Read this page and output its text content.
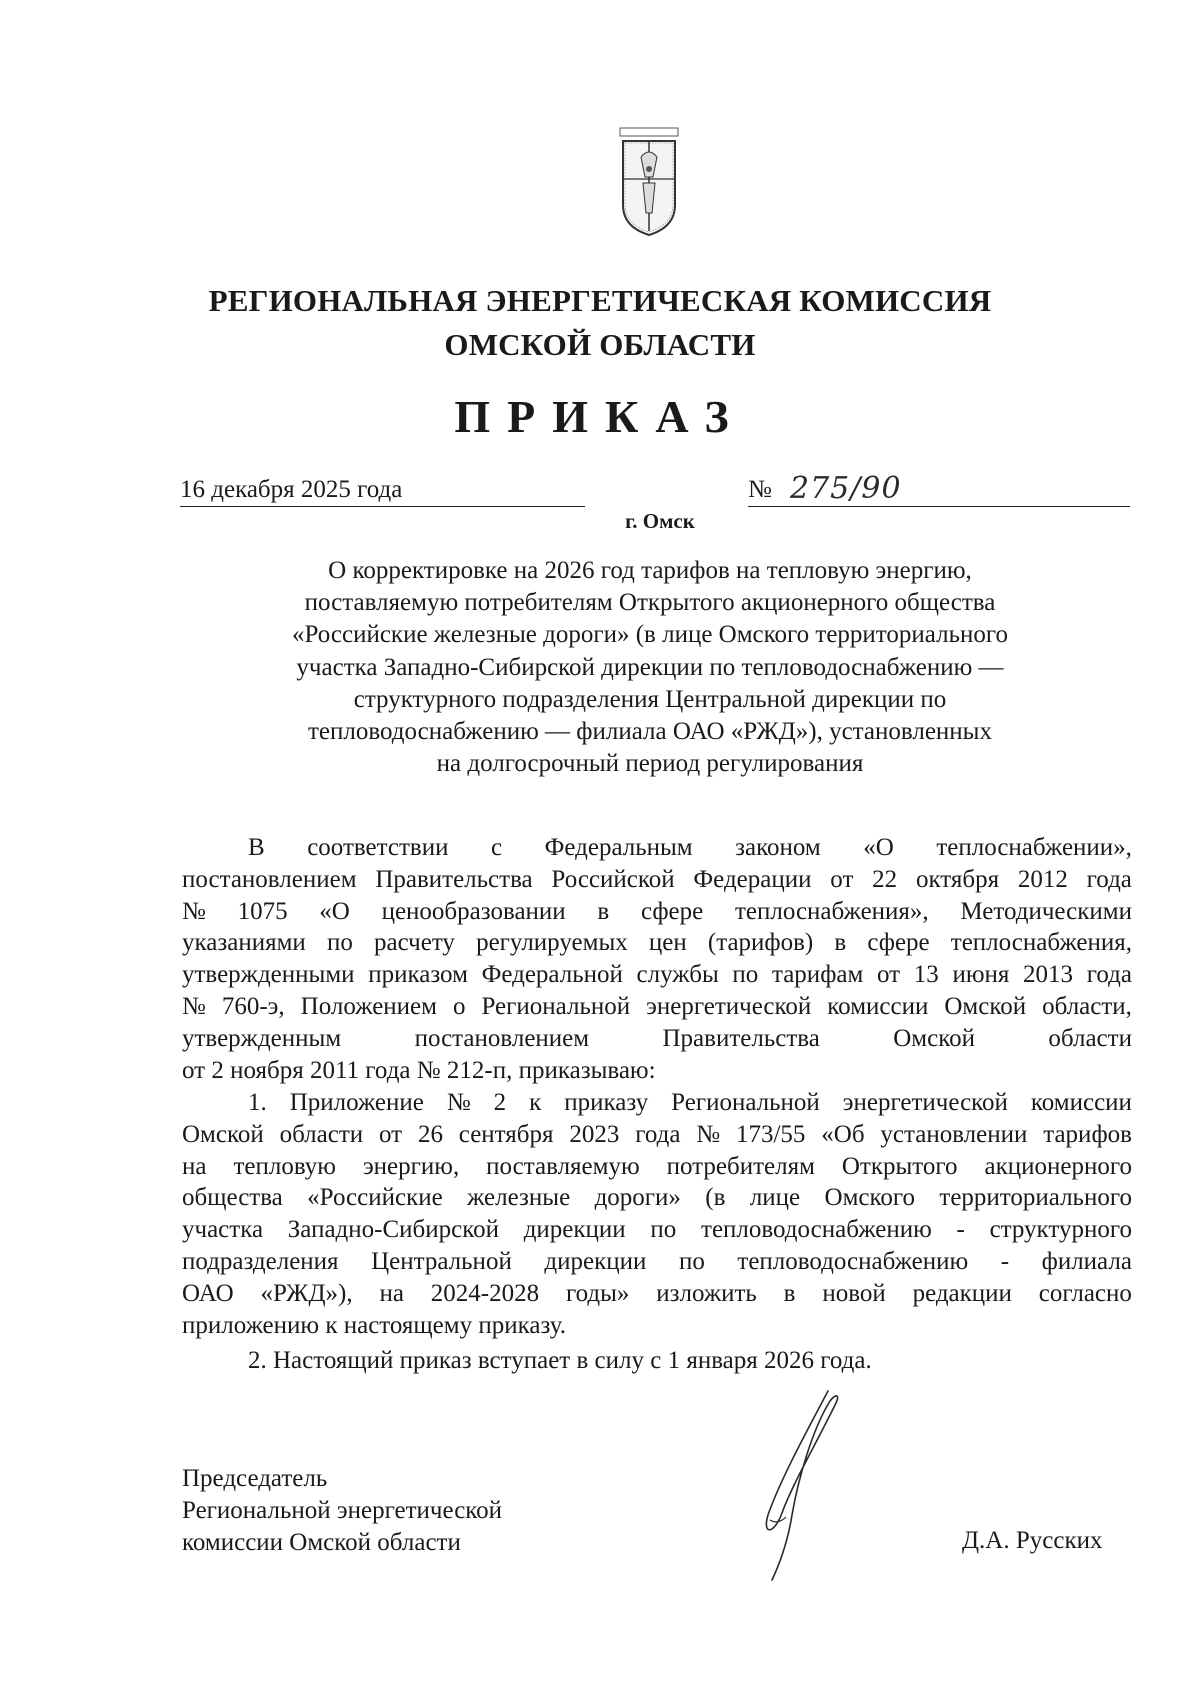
РЕГИОНАЛЬНАЯ ЭНЕРГЕТИЧЕСКАЯ КОМИССИЯ
ОМСКОЙ ОБЛАСТИ
ПРИКАЗ
16 декабря 2025 года	№ 275/90
г. Омск
О корректировке на 2026 год тарифов на тепловую энергию,
поставляемую потребителям Открытого акционерного общества
«Российские железные дороги» (в лице Омского территориального
участка Западно-Сибирской дирекции по тепловодоснабжению —
структурного подразделения Центральной дирекции по
тепловодоснабжению — филиала ОАО «РЖД»), установленных
на долгосрочный период регулирования
В соответствии с Федеральным законом «О теплоснабжении»,
постановлением Правительства Российской Федерации от 22 октября 2012 года
№ 1075 «О ценообразовании в сфере теплоснабжения», Методическими
указаниями по расчету регулируемых цен (тарифов) в сфере теплоснабжения,
утвержденными приказом Федеральной службы по тарифам от 13 июня 2013 года
№ 760-э, Положением о Региональной энергетической комиссии Омской области,
утвержденным	постановлением	Правительства	Омской	области
от 2 ноября 2011 года № 212-п, приказываю:
1. Приложение № 2 к приказу Региональной энергетической комиссии
Омской области от 26 сентября 2023 года № 173/55 «Об установлении тарифов
на тепловую энергию, поставляемую потребителям Открытого акционерного
общества «Российские железные дороги» (в лице Омского территориального
участка Западно-Сибирской дирекции по тепловодоснабжению - структурного
подразделения Центральной дирекции по тепловодоснабжению - филиала
ОАО «РЖД»), на 2024-2028 годы» изложить в новой редакции согласно
приложению к настоящему приказу.
2. Настоящий приказ вступает в силу с 1 января 2026 года.
Председатель
Региональной энергетической
комиссии Омской области	Д.А. Русских
